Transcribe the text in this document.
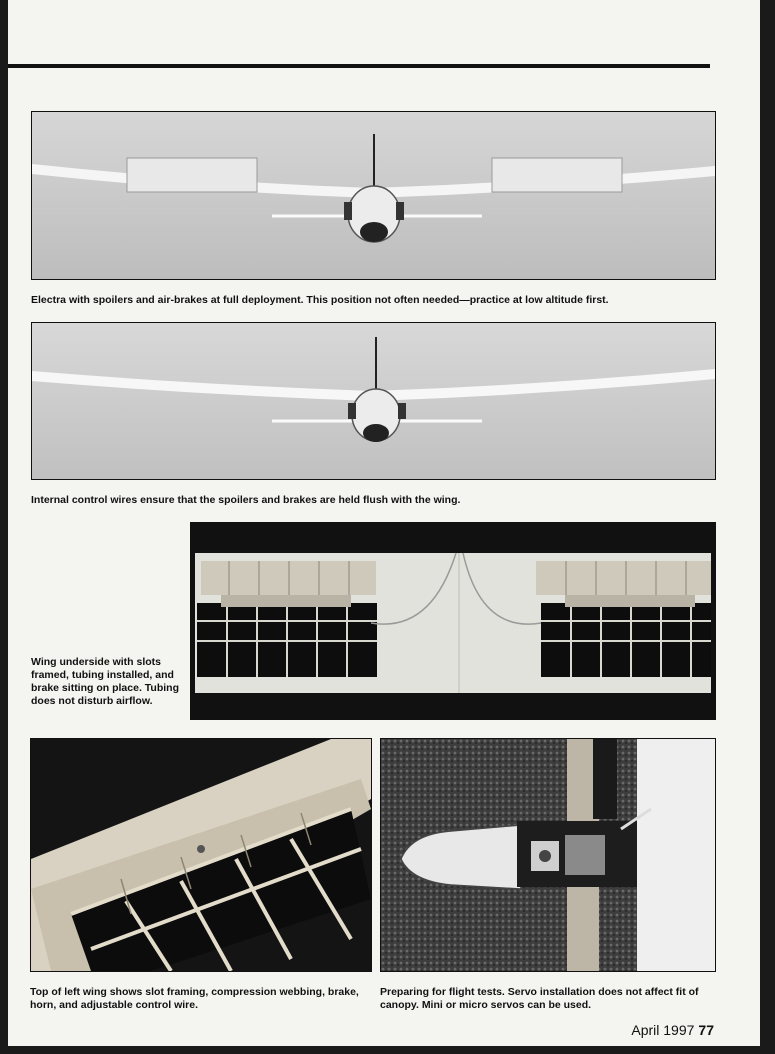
Electra with spoilers and air-brakes at full deployment. This position not often needed—practice at low altitude first.
Internal control wires ensure that the spoilers and brakes are held flush with the wing.
Wing underside with slots framed, tubing installed, and brake sitting on place. Tubing does not disturb airflow.
Top of left wing shows slot framing, compression webbing, brake, horn, and adjustable control wire.
Preparing for flight tests. Servo installation does not affect fit of canopy. Mini or micro servos can be used.
April 1997 77
